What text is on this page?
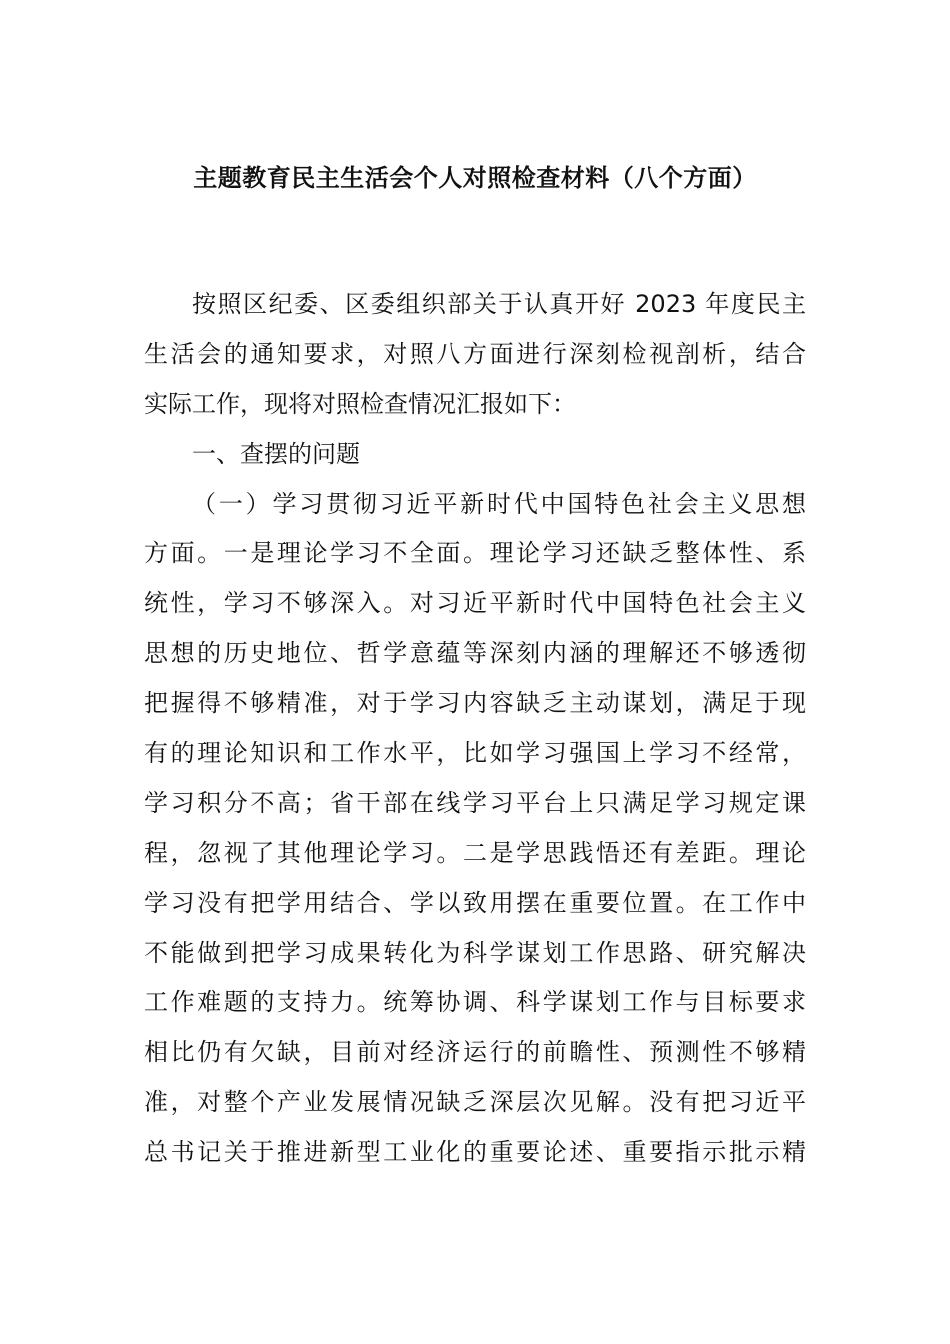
主题教育民主生活会个人对照检查材料（八个方面）
按照区纪委、区委组织部关于认真开好 2023 年度民主
生活会的通知要求，对照八方面进行深刻检视剖析，结合
实际工作，现将对照检查情况汇报如下：
一、查摆的问题
（一）学习贯彻习近平新时代中国特色社会主义思想
方面。一是理论学习不全面。理论学习还缺乏整体性、系
统性，学习不够深入。对习近平新时代中国特色社会主义
思想的历史地位、哲学意蕴等深刻内涵的理解还不够透彻
把握得不够精准，对于学习内容缺乏主动谋划，满足于现
有的理论知识和工作水平，比如学习强国上学习不经常，
学习积分不高；省干部在线学习平台上只满足学习规定课
程，忽视了其他理论学习。二是学思践悟还有差距。理论
学习没有把学用结合、学以致用摆在重要位置。在工作中
不能做到把学习成果转化为科学谋划工作思路、研究解决
工作难题的支持力。统筹协调、科学谋划工作与目标要求
相比仍有欠缺，目前对经济运行的前瞻性、预测性不够精
准，对整个产业发展情况缺乏深层次见解。没有把习近平
总书记关于推进新型工业化的重要论述、重要指示批示精
